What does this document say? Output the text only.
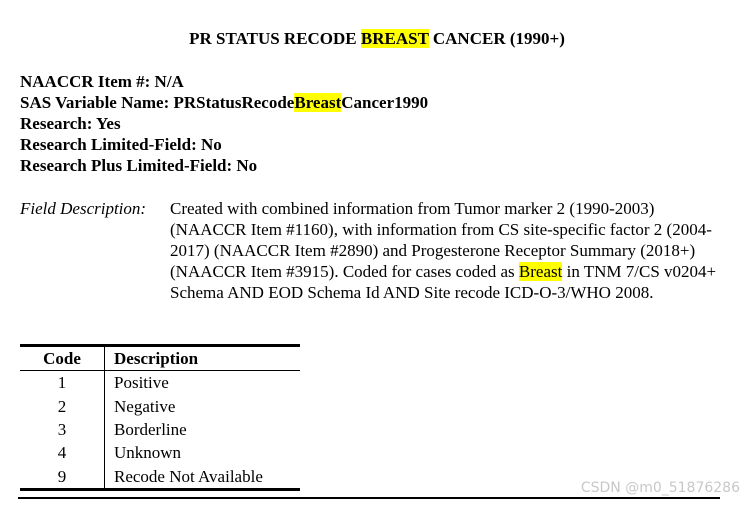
PR STATUS RECODE BREAST CANCER (1990+)
NAACCR Item #: N/A
SAS Variable Name: PRStatusRecodeBreastCancer1990
Research: Yes
Research Limited-Field: No
Research Plus Limited-Field: No
Field Description: Created with combined information from Tumor marker 2 (1990-2003) (NAACCR Item #1160), with information from CS site-specific factor 2 (2004-2017) (NAACCR Item #2890) and Progesterone Receptor Summary (2018+) (NAACCR Item #3915). Coded for cases coded as Breast in TNM 7/CS v0204+ Schema AND EOD Schema Id AND Site recode ICD-O-3/WHO 2008.
Code	Description
1	Positive
2	Negative
3	Borderline
4	Unknown
9	Recode Not Available
CSDN @m0_51876286
